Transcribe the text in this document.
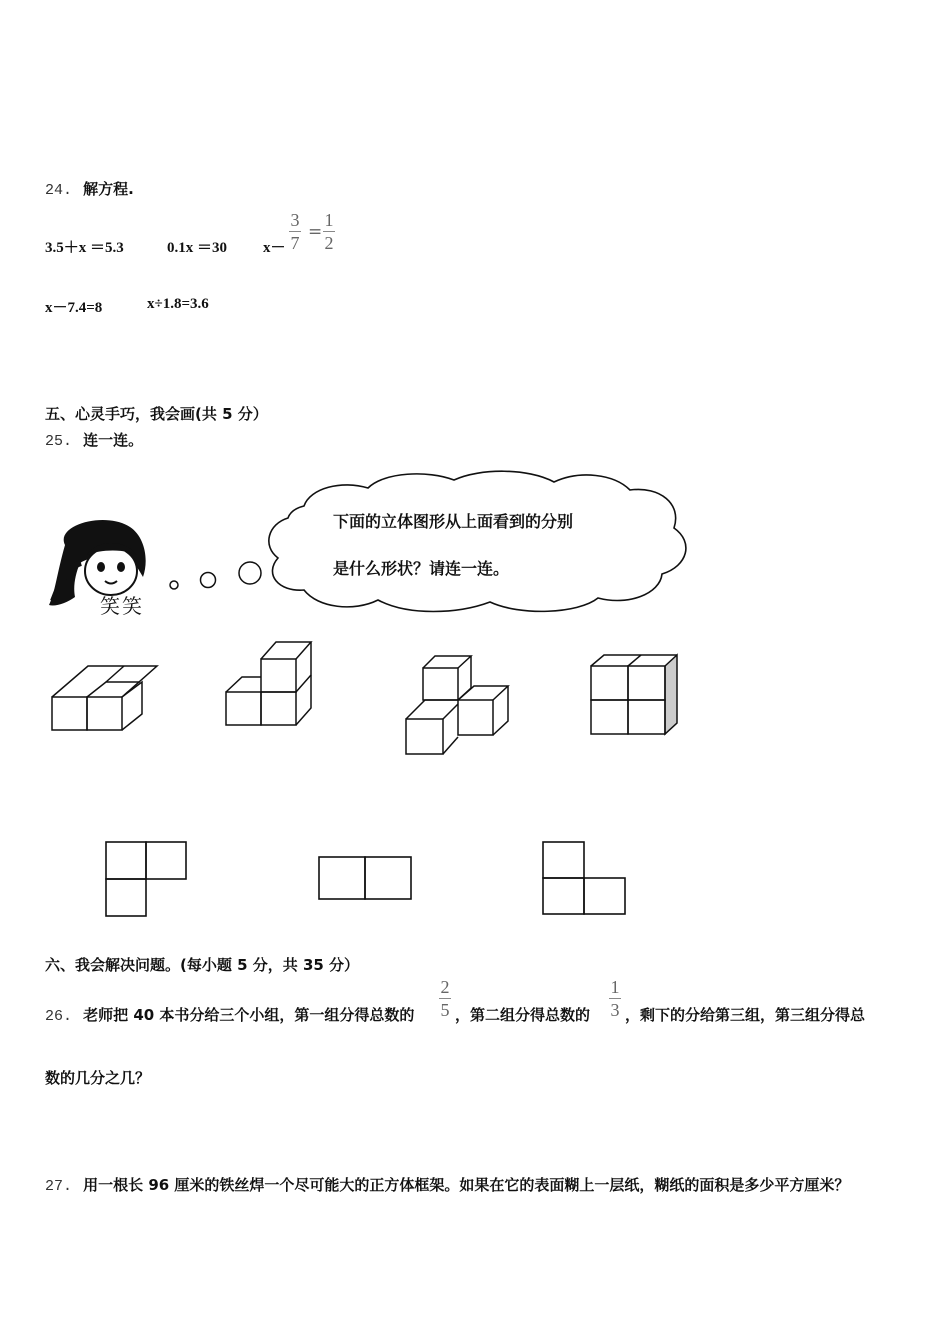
24. 解方程.
3.5＋x ＝5.3	0.1x ＝30 x－
3
7
=
1
2
x－7.4=8	x÷1.8=3.6
五、心灵手巧，我会画(共 5 分）
25. 连一连。
笑笑
下面的立体图形从上面看到的分别
是什么形状？请连一连。
六、我会解决问题。(每小题 5 分，共 35 分）
26. 老师把 40 本书分给三个小组，第一组分得总数的
2
5 ，第二组分得总数的
1
3 ，剩下的分给第三组，第三组分得总
数的几分之几？
27. 用一根长 96 厘米的铁丝焊一个尽可能大的正方体框架。如果在它的表面糊上一层纸，糊纸的面积是多少平方厘米？
